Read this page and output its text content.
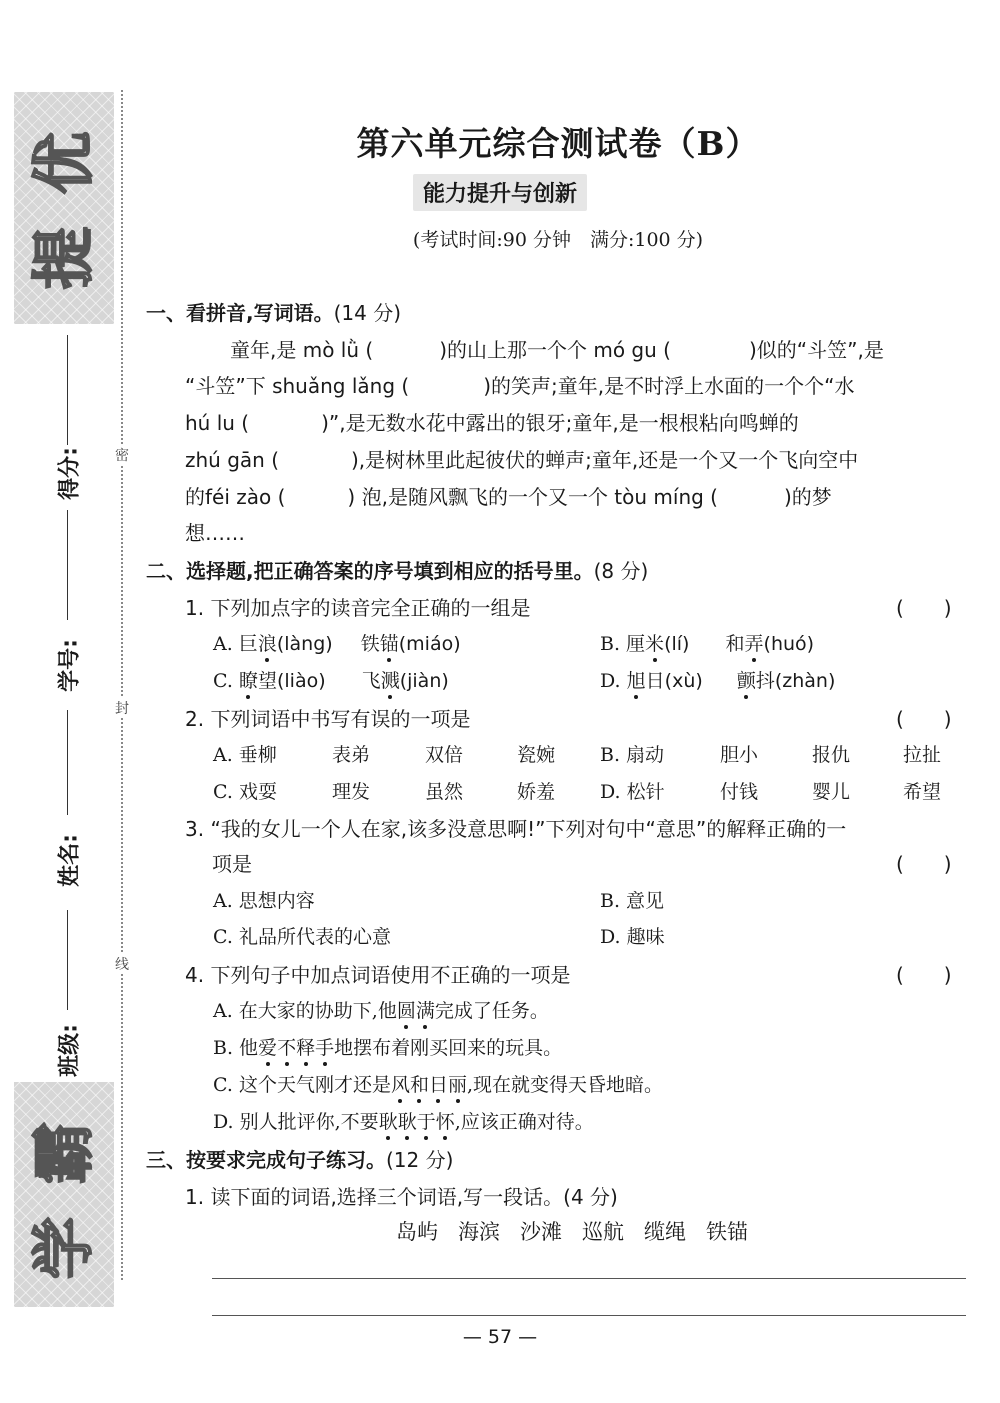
优
提
霸
学
密
封
线
得分:
学号:
姓名:
班级:
第六单元综合测试卷（B）
能力提升与创新
(考试时间:90 分钟　满分:100 分)
一、看拼音,写词语。(14 分)
童年,是 mò lǜ (	)的山上那一个个 mó gu (	)似的“斗笠”,是
“斗笠”下 shuǎng lǎng (	)的笑声;童年,是不时浮上水面的一个个“水
hú lu (	)”,是无数水花中露出的银牙;童年,是一根根粘向鸣蝉的
zhú gān (	),是树林里此起彼伏的蝉声;童年,还是一个又一个飞向空中
的féi zào (	) 泡,是随风飘飞的一个又一个 tòu míng (	)的梦
想……
二、选择题,把正确答案的序号填到相应的括号里。(8 分)
1. 下列加点字的读音完全正确的一组是	(　　)
A. 巨浪(làng) 铁锚(miáo)	B. 厘米(lí) 和弄(huó)
C. 瞭望(liào) 飞溅(jiàn)	D. 旭日(xù) 颤抖(zhàn)
2. 下列词语中书写有误的一项是	(　　)
A. 垂柳	表弟	双倍	瓷婉 B. 扇动	胆小	报仇	拉扯
C. 戏耍	理发	虽然	娇羞 D. 松针	付钱	婴儿	希望
3. “我的女儿一个人在家,该多没意思啊!”下列对句中“意思”的解释正确的一
项是	(　　)
A. 思想内容	B. 意见
C. 礼品所代表的心意	D. 趣味
4. 下列句子中加点词语使用不正确的一项是	(　　)
A. 在大家的协助下,他圆满完成了任务。
B. 他爱不释手地摆布着刚买回来的玩具。
C. 这个天气刚才还是风和日丽,现在就变得天昏地暗。
D. 别人批评你,不要耿耿于怀,应该正确对待。
三、按要求完成句子练习。(12 分)
1. 读下面的词语,选择三个词语,写一段话。(4 分)
岛屿 海滨 沙滩 巡航 缆绳 铁锚
— 57 —
